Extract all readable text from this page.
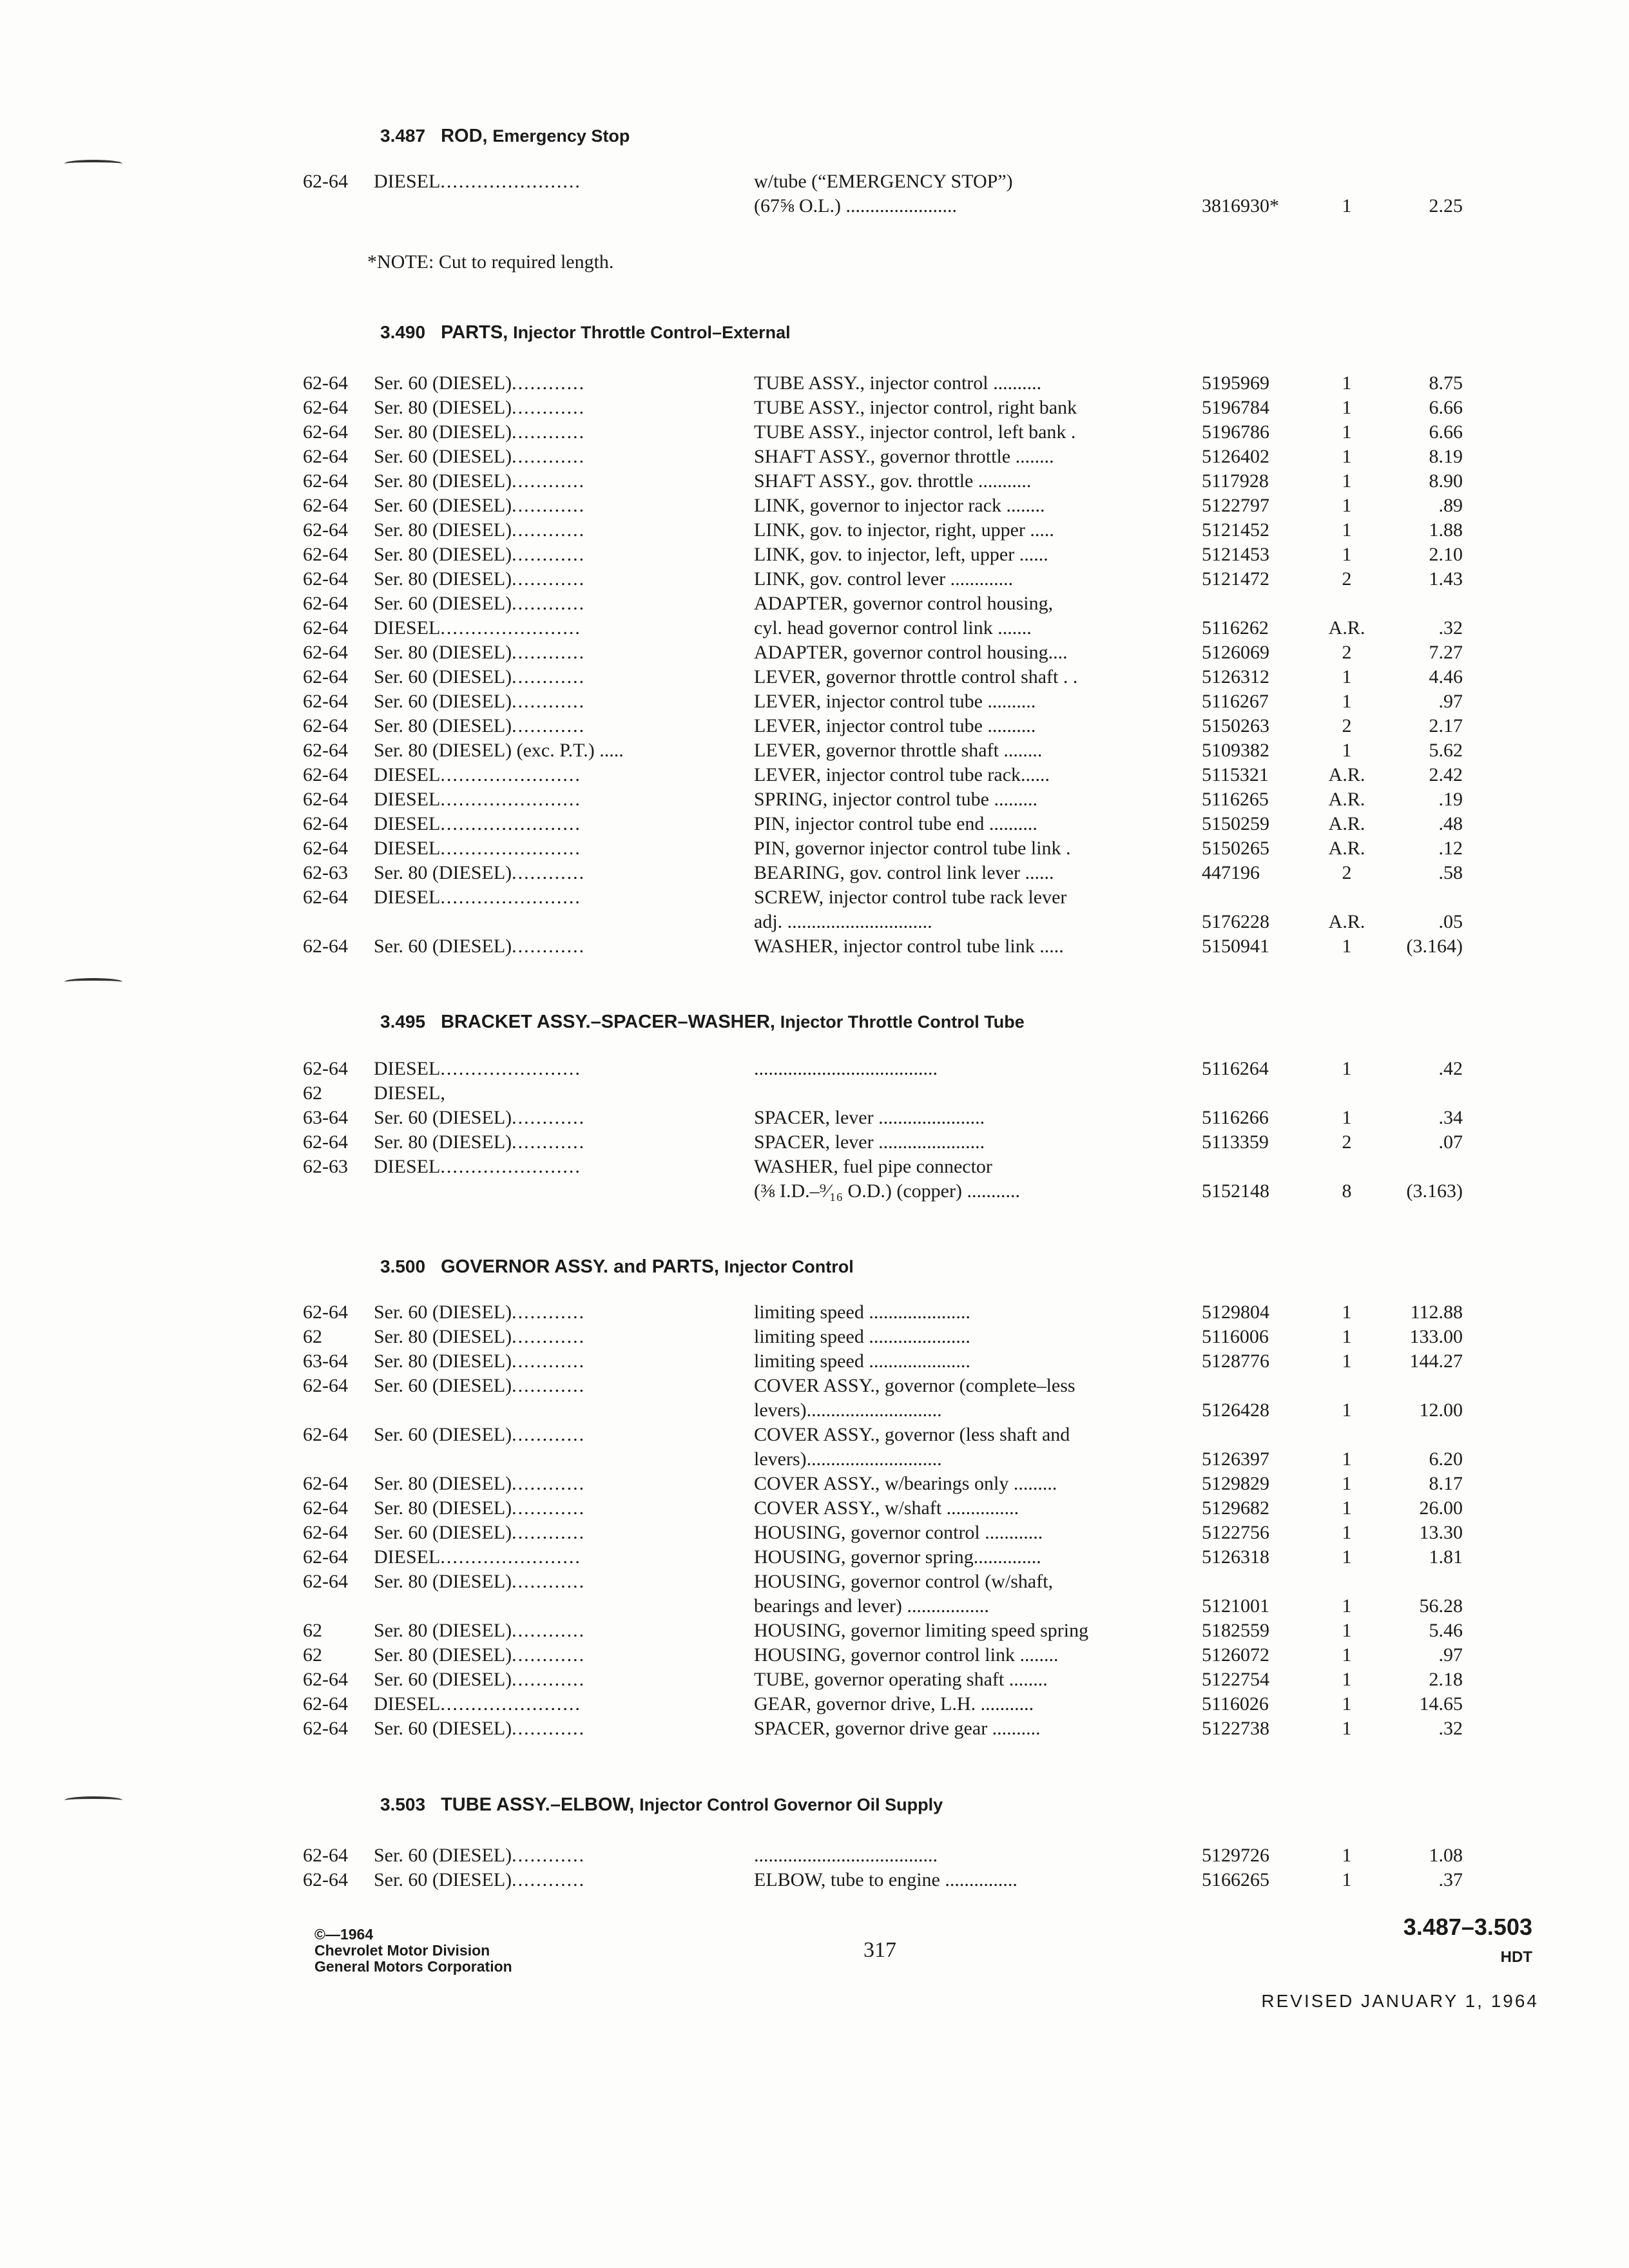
3.487 ROD, Emergency Stop
62-64 DIESEL.......................	w/tube (“EMERGENCY STOP”)
(67⅝ O.L.) .......................	3816930*	1	2.25
*NOTE: Cut to required length.
3.490 PARTS, Injector Throttle Control–External
62-64 Ser. 60 (DIESEL)............	TUBE ASSY., injector control ..........	5195969	1	8.75
62-64 Ser. 80 (DIESEL)............	TUBE ASSY., injector control, right bank	5196784	1	6.66
62-64 Ser. 80 (DIESEL)............	TUBE ASSY., injector control, left bank .	5196786	1	6.66
62-64 Ser. 60 (DIESEL)............	SHAFT ASSY., governor throttle ........	5126402	1	8.19
62-64 Ser. 80 (DIESEL)............	SHAFT ASSY., gov. throttle ...........	5117928	1	8.90
62-64 Ser. 60 (DIESEL)............	LINK, governor to injector rack ........	5122797	1	.89
62-64 Ser. 80 (DIESEL)............	LINK, gov. to injector, right, upper .....	5121452	1	1.88
62-64 Ser. 80 (DIESEL)............	LINK, gov. to injector, left, upper ......	5121453	1	2.10
62-64 Ser. 80 (DIESEL)............	LINK, gov. control lever .............	5121472	2	1.43
62-64 Ser. 60 (DIESEL)............	ADAPTER, governor control housing,
62-64 DIESEL.......................	cyl. head governor control link .......	5116262	A.R.	.32
62-64 Ser. 80 (DIESEL)............	ADAPTER, governor control housing....	5126069	2	7.27
62-64 Ser. 60 (DIESEL)............	LEVER, governor throttle control shaft . .	5126312	1	4.46
62-64 Ser. 60 (DIESEL)............	LEVER, injector control tube ..........	5116267	1	.97
62-64 Ser. 80 (DIESEL)............	LEVER, injector control tube ..........	5150263	2	2.17
62-64 Ser. 80 (DIESEL) (exc. P.T.) .....	LEVER, governor throttle shaft ........	5109382	1	5.62
62-64 DIESEL.......................	LEVER, injector control tube rack......	5115321	A.R.	2.42
62-64 DIESEL.......................	SPRING, injector control tube .........	5116265	A.R.	.19
62-64 DIESEL.......................	PIN, injector control tube end ..........	5150259	A.R.	.48
62-64 DIESEL.......................	PIN, governor injector control tube link .	5150265	A.R.	.12
62-63 Ser. 80 (DIESEL)............	BEARING, gov. control link lever ......	447196	2	.58
62-64 DIESEL.......................	SCREW, injector control tube rack lever
adj. ..............................	5176228	A.R.	.05
62-64 Ser. 60 (DIESEL)............	WASHER, injector control tube link .....	5150941	1	(3.164)
3.495 BRACKET ASSY.–SPACER–WASHER, Injector Throttle Control Tube
62-64 DIESEL.......................	......................................	5116264	1	.42
62	DIESEL,
63-64 Ser. 60 (DIESEL)............	SPACER, lever ......................	5116266	1	.34
62-64 Ser. 80 (DIESEL)............	SPACER, lever ......................	5113359	2	.07
62-63 DIESEL.......................	WASHER, fuel pipe connector
(⅜ I.D.–⁹⁄₁₆ O.D.) (copper) ...........	5152148	8	(3.163)
3.500 GOVERNOR ASSY. and PARTS, Injector Control
62-64 Ser. 60 (DIESEL)............	limiting speed .....................	5129804	1	112.88
62	Ser. 80 (DIESEL)............	limiting speed .....................	5116006	1	133.00
63-64 Ser. 80 (DIESEL)............	limiting speed .....................	5128776	1	144.27
62-64 Ser. 60 (DIESEL)............	COVER ASSY., governor (complete–less
levers)............................	5126428	1	12.00
62-64 Ser. 60 (DIESEL)............	COVER ASSY., governor (less shaft and
levers)............................	5126397	1	6.20
62-64 Ser. 80 (DIESEL)............	COVER ASSY., w/bearings only .........	5129829	1	8.17
62-64 Ser. 80 (DIESEL)............	COVER ASSY., w/shaft ...............	5129682	1	26.00
62-64 Ser. 60 (DIESEL)............	HOUSING, governor control ............	5122756	1	13.30
62-64 DIESEL.......................	HOUSING, governor spring..............	5126318	1	1.81
62-64 Ser. 80 (DIESEL)............	HOUSING, governor control (w/shaft,
bearings and lever) .................	5121001	1	56.28
62	Ser. 80 (DIESEL)............	HOUSING, governor limiting speed spring	5182559	1	5.46
62	Ser. 80 (DIESEL)............	HOUSING, governor control link ........	5126072	1	.97
62-64 Ser. 60 (DIESEL)............	TUBE, governor operating shaft ........	5122754	1	2.18
62-64 DIESEL.......................	GEAR, governor drive, L.H. ...........	5116026	1	14.65
62-64 Ser. 60 (DIESEL)............	SPACER, governor drive gear ..........	5122738	1	.32
3.503 TUBE ASSY.–ELBOW, Injector Control Governor Oil Supply
62-64 Ser. 60 (DIESEL)............	......................................	5129726	1	1.08
62-64 Ser. 60 (DIESEL)............	ELBOW, tube to engine ...............	5166265	1	.37
©—1964
Chevrolet Motor Division
General Motors Corporation
317
3.487–3.503
HDT
REVISED JANUARY 1, 1964
